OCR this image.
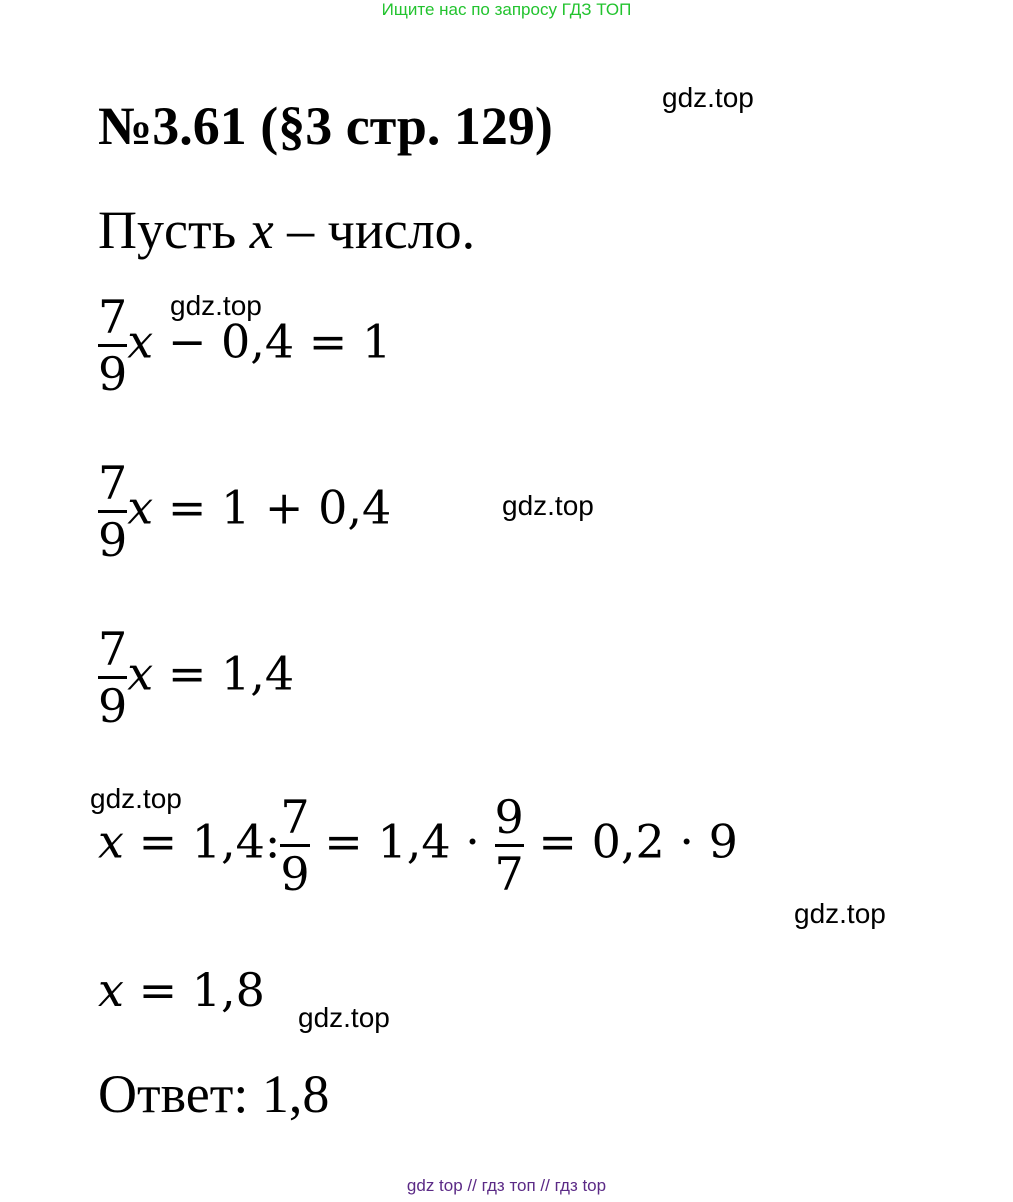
Ищите нас по запросу ГДЗ ТОП
№3.61 (§3 стр. 129)	gdz.top
Пусть x – число.
gdz.top
$\frac{7}{9}$ x − 0,4 = 1
$\frac{7}{9}$ x = 1 + 0,4	gdz.top
$\frac{7}{9}$ x = 1,4
gdz.top
x = 1,4: $\frac{7}{9} = 1,4 \cdot \frac{9}{7} = 0,2 \cdot 9$
gdz.top
x = 1,8
gdz.top
Ответ: 1,8
gdz top // гдз топ // гдз top
